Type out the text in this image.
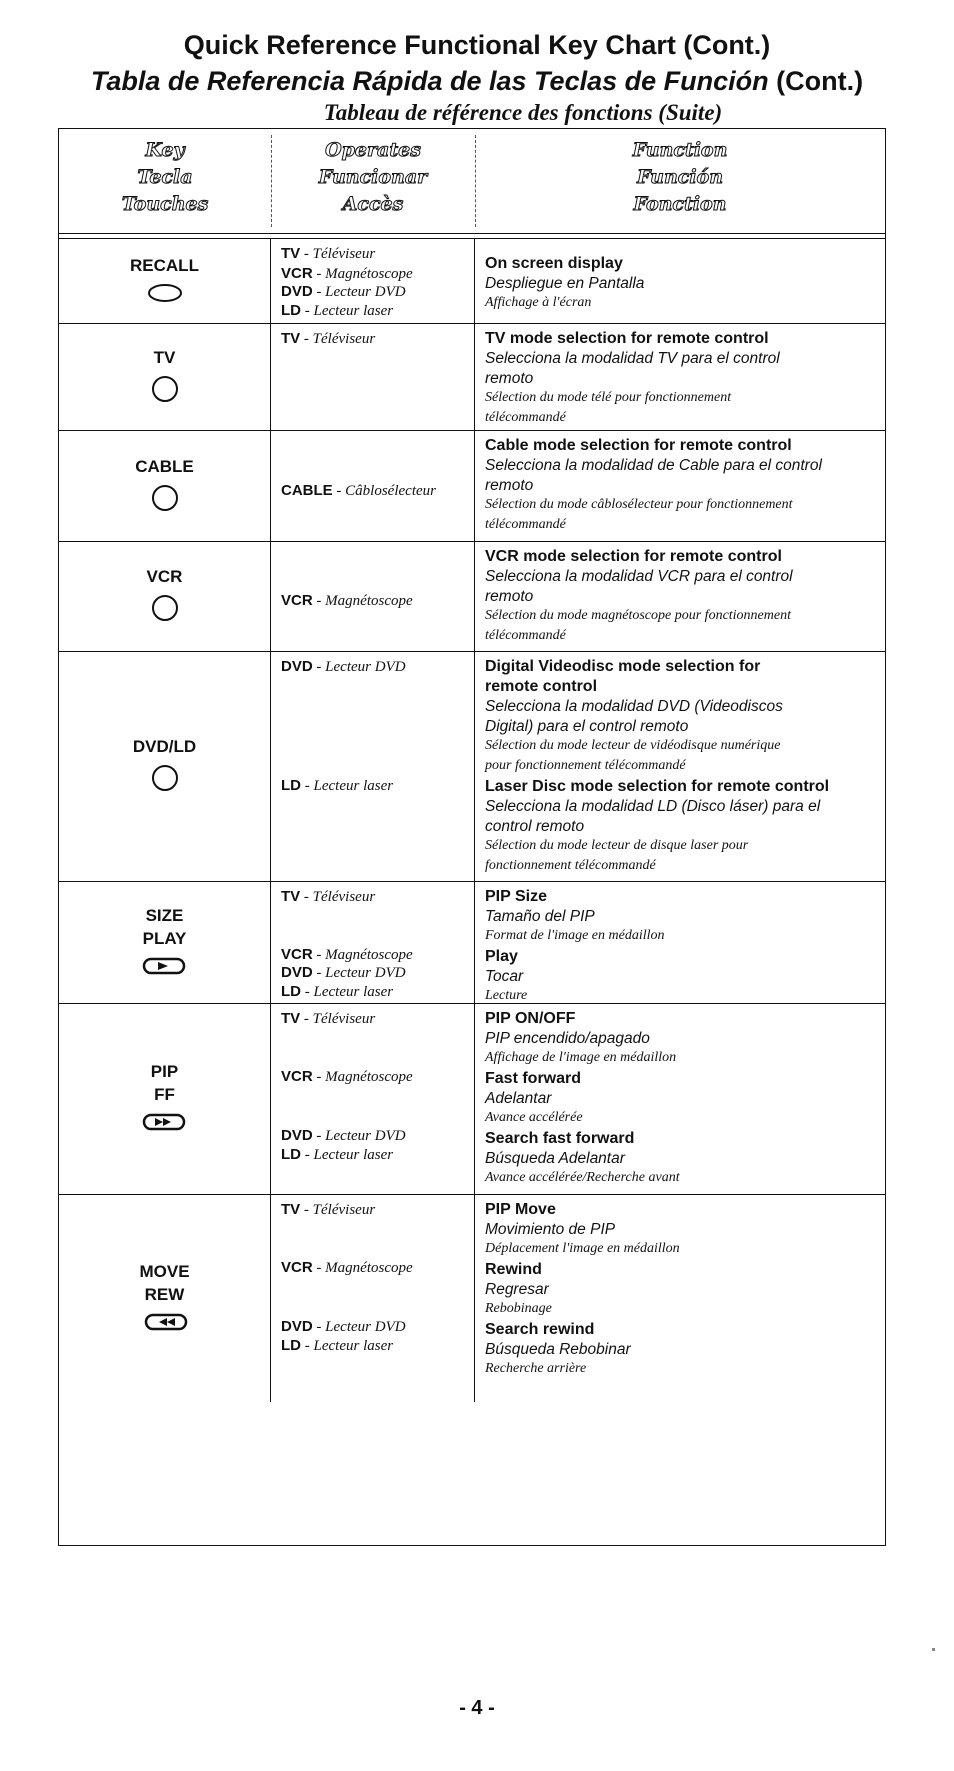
Quick Reference Functional Key Chart (Cont.)
Tabla de Referencia Rápida de las Teclas de Función (Cont.)
Tableau de référence des fonctions (Suite)
Key
Tecla
Touches
Operates
Funcionar
Accès
Function
Función
Fonction
RECALL
TV - Téléviseur
VCR - Magnétoscope
DVD - Lecteur DVD
LD - Lecteur laser
On screen display
Despliegue en Pantalla
Affichage à l'écran
TV
TV - Téléviseur	TV mode selection for remote control
Selecciona la modalidad TV para el control
remoto
Sélection du mode télé pour fonctionnement
télécommandé
CABLE
CABLE - Câblosélecteur
Cable mode selection for remote control
Selecciona la modalidad de Cable para el control
remoto
Sélection du mode câblosélecteur pour fonctionnement
télécommandé
VCR
VCR - Magnétoscope
VCR mode selection for remote control
Selecciona la modalidad VCR para el control
remoto
Sélection du mode magnétoscope pour fonctionnement
télécommandé
DVD/LD
DVD - Lecteur DVD
LD - Lecteur laser
Digital Videodisc mode selection for
remote control
Selecciona la modalidad DVD (Videodiscos
Digital) para el control remoto
Sélection du mode lecteur de vidéodisque numérique
pour fonctionnement télécommandé
Laser Disc mode selection for remote control
Selecciona la modalidad LD (Disco láser) para el
control remoto
Sélection du mode lecteur de disque laser pour
fonctionnement télécommandé
SIZE
PLAY
TV - Téléviseur
VCR - Magnétoscope
DVD - Lecteur DVD
LD - Lecteur laser
PIP Size
Tamaño del PIP
Format de l'image en médaillon
Play
Tocar
Lecture
PIP
FF
TV - Téléviseur
VCR - Magnétoscope
DVD - Lecteur DVD
LD - Lecteur laser
PIP ON/OFF
PIP encendido/apagado
Affichage de l'image en médaillon
Fast forward
Adelantar
Avance accélérée
Search fast forward
Búsqueda Adelantar
Avance accélérée/Recherche avant
MOVE
REW
TV - Téléviseur
VCR - Magnétoscope
DVD - Lecteur DVD
LD - Lecteur laser
PIP Move
Movimiento de PIP
Déplacement l'image en médaillon
Rewind
Regresar
Rebobinage
Search rewind
Búsqueda Rebobinar
Recherche arrière
- 4 -
